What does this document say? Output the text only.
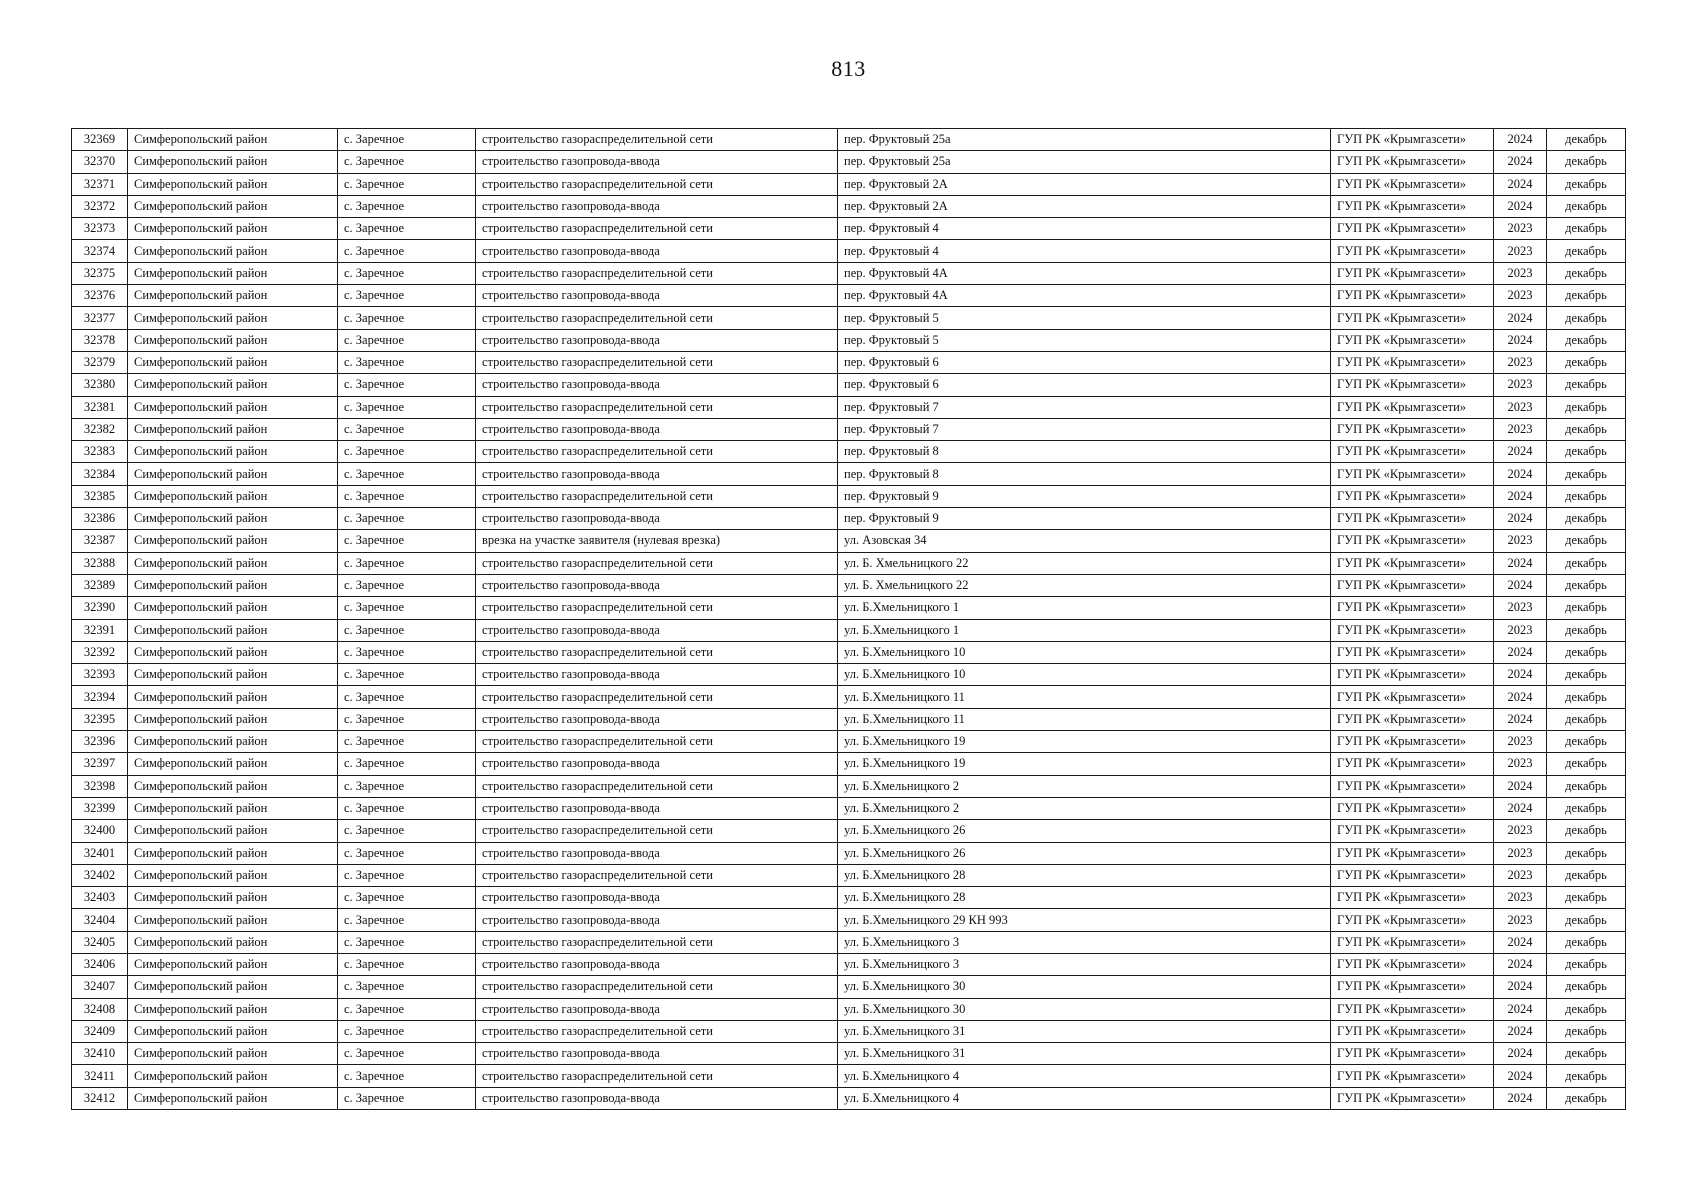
813
32369	Симферопольский район	с. Заречное	строительство газораспределительной сети	пер. Фруктовый 25а	ГУП РК «Крымгазсети»	2024	декабрь
32370	Симферопольский район	с. Заречное	строительство газопровода-ввода	пер. Фруктовый 25а	ГУП РК «Крымгазсети»	2024	декабрь
32371	Симферопольский район	с. Заречное	строительство газораспределительной сети	пер. Фруктовый 2А	ГУП РК «Крымгазсети»	2024	декабрь
32372	Симферопольский район	с. Заречное	строительство газопровода-ввода	пер. Фруктовый 2А	ГУП РК «Крымгазсети»	2024	декабрь
32373	Симферопольский район	с. Заречное	строительство газораспределительной сети	пер. Фруктовый 4	ГУП РК «Крымгазсети»	2023	декабрь
32374	Симферопольский район	с. Заречное	строительство газопровода-ввода	пер. Фруктовый 4	ГУП РК «Крымгазсети»	2023	декабрь
32375	Симферопольский район	с. Заречное	строительство газораспределительной сети	пер. Фруктовый 4А	ГУП РК «Крымгазсети»	2023	декабрь
32376	Симферопольский район	с. Заречное	строительство газопровода-ввода	пер. Фруктовый 4А	ГУП РК «Крымгазсети»	2023	декабрь
32377	Симферопольский район	с. Заречное	строительство газораспределительной сети	пер. Фруктовый 5	ГУП РК «Крымгазсети»	2024	декабрь
32378	Симферопольский район	с. Заречное	строительство газопровода-ввода	пер. Фруктовый 5	ГУП РК «Крымгазсети»	2024	декабрь
32379	Симферопольский район	с. Заречное	строительство газораспределительной сети	пер. Фруктовый 6	ГУП РК «Крымгазсети»	2023	декабрь
32380	Симферопольский район	с. Заречное	строительство газопровода-ввода	пер. Фруктовый 6	ГУП РК «Крымгазсети»	2023	декабрь
32381	Симферопольский район	с. Заречное	строительство газораспределительной сети	пер. Фруктовый 7	ГУП РК «Крымгазсети»	2023	декабрь
32382	Симферопольский район	с. Заречное	строительство газопровода-ввода	пер. Фруктовый 7	ГУП РК «Крымгазсети»	2023	декабрь
32383	Симферопольский район	с. Заречное	строительство газораспределительной сети	пер. Фруктовый 8	ГУП РК «Крымгазсети»	2024	декабрь
32384	Симферопольский район	с. Заречное	строительство газопровода-ввода	пер. Фруктовый 8	ГУП РК «Крымгазсети»	2024	декабрь
32385	Симферопольский район	с. Заречное	строительство газораспределительной сети	пер. Фруктовый 9	ГУП РК «Крымгазсети»	2024	декабрь
32386	Симферопольский район	с. Заречное	строительство газопровода-ввода	пер. Фруктовый 9	ГУП РК «Крымгазсети»	2024	декабрь
32387	Симферопольский район	с. Заречное	врезка на участке заявителя (нулевая врезка)	ул. Азовская 34	ГУП РК «Крымгазсети»	2023	декабрь
32388	Симферопольский район	с. Заречное	строительство газораспределительной сети	ул. Б. Хмельницкого 22	ГУП РК «Крымгазсети»	2024	декабрь
32389	Симферопольский район	с. Заречное	строительство газопровода-ввода	ул. Б. Хмельницкого 22	ГУП РК «Крымгазсети»	2024	декабрь
32390	Симферопольский район	с. Заречное	строительство газораспределительной сети	ул. Б.Хмельницкого 1	ГУП РК «Крымгазсети»	2023	декабрь
32391	Симферопольский район	с. Заречное	строительство газопровода-ввода	ул. Б.Хмельницкого 1	ГУП РК «Крымгазсети»	2023	декабрь
32392	Симферопольский район	с. Заречное	строительство газораспределительной сети	ул. Б.Хмельницкого 10	ГУП РК «Крымгазсети»	2024	декабрь
32393	Симферопольский район	с. Заречное	строительство газопровода-ввода	ул. Б.Хмельницкого 10	ГУП РК «Крымгазсети»	2024	декабрь
32394	Симферопольский район	с. Заречное	строительство газораспределительной сети	ул. Б.Хмельницкого 11	ГУП РК «Крымгазсети»	2024	декабрь
32395	Симферопольский район	с. Заречное	строительство газопровода-ввода	ул. Б.Хмельницкого 11	ГУП РК «Крымгазсети»	2024	декабрь
32396	Симферопольский район	с. Заречное	строительство газораспределительной сети	ул. Б.Хмельницкого 19	ГУП РК «Крымгазсети»	2023	декабрь
32397	Симферопольский район	с. Заречное	строительство газопровода-ввода	ул. Б.Хмельницкого 19	ГУП РК «Крымгазсети»	2023	декабрь
32398	Симферопольский район	с. Заречное	строительство газораспределительной сети	ул. Б.Хмельницкого 2	ГУП РК «Крымгазсети»	2024	декабрь
32399	Симферопольский район	с. Заречное	строительство газопровода-ввода	ул. Б.Хмельницкого 2	ГУП РК «Крымгазсети»	2024	декабрь
32400	Симферопольский район	с. Заречное	строительство газораспределительной сети	ул. Б.Хмельницкого 26	ГУП РК «Крымгазсети»	2023	декабрь
32401	Симферопольский район	с. Заречное	строительство газопровода-ввода	ул. Б.Хмельницкого 26	ГУП РК «Крымгазсети»	2023	декабрь
32402	Симферопольский район	с. Заречное	строительство газораспределительной сети	ул. Б.Хмельницкого 28	ГУП РК «Крымгазсети»	2023	декабрь
32403	Симферопольский район	с. Заречное	строительство газопровода-ввода	ул. Б.Хмельницкого 28	ГУП РК «Крымгазсети»	2023	декабрь
32404	Симферопольский район	с. Заречное	строительство газопровода-ввода	ул. Б.Хмельницкого 29 КН 993	ГУП РК «Крымгазсети»	2023	декабрь
32405	Симферопольский район	с. Заречное	строительство газораспределительной сети	ул. Б.Хмельницкого 3	ГУП РК «Крымгазсети»	2024	декабрь
32406	Симферопольский район	с. Заречное	строительство газопровода-ввода	ул. Б.Хмельницкого 3	ГУП РК «Крымгазсети»	2024	декабрь
32407	Симферопольский район	с. Заречное	строительство газораспределительной сети	ул. Б.Хмельницкого 30	ГУП РК «Крымгазсети»	2024	декабрь
32408	Симферопольский район	с. Заречное	строительство газопровода-ввода	ул. Б.Хмельницкого 30	ГУП РК «Крымгазсети»	2024	декабрь
32409	Симферопольский район	с. Заречное	строительство газораспределительной сети	ул. Б.Хмельницкого 31	ГУП РК «Крымгазсети»	2024	декабрь
32410	Симферопольский район	с. Заречное	строительство газопровода-ввода	ул. Б.Хмельницкого 31	ГУП РК «Крымгазсети»	2024	декабрь
32411	Симферопольский район	с. Заречное	строительство газораспределительной сети	ул. Б.Хмельницкого 4	ГУП РК «Крымгазсети»	2024	декабрь
32412	Симферопольский район	с. Заречное	строительство газопровода-ввода	ул. Б.Хмельницкого 4	ГУП РК «Крымгазсети»	2024	декабрь
